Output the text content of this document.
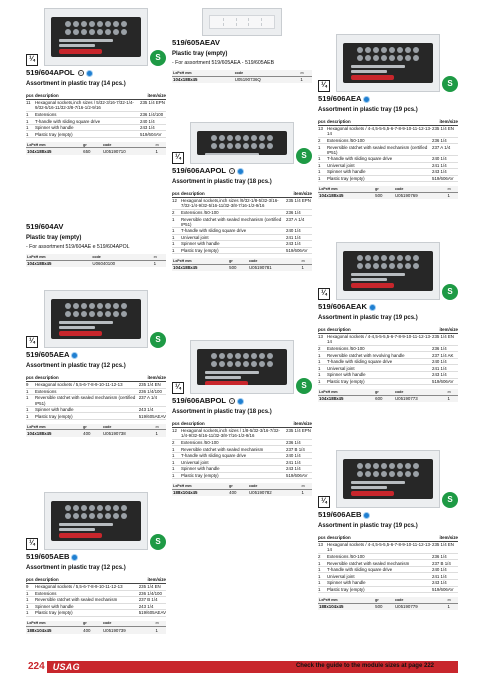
¼	S
519/604APOL	○
Assortment in plastic tray (14 pcs.)
pcs	description	item/size
11	Hexagonal sockets,inch sizes / 5/32-3/16-7/32-1/4-9/32-5/16-11/32-3/8-7/16-1/2-9/16	235 1/4 EPN
1	Extensions	236 1/4/100
1	T-handle with sliding square drive	240 1/4
1	Spinner with handle	243 1/4
1	Plastic tray (empty)	519/604AV
LxPxH mm	gr	code	▭
104x188x45	650	U05190710	1
519/604AV
Plastic tray (empty)
- For assortment 519/604AE e 519/604APOL
LxPxH mm	code	▭
104x188x45	U06040100	1
¼	S
519/605AEA
Assortment in plastic tray (12 pcs.)
pcs	description	item/size
9	Hexagonal sockets / 5,5-6-7-8-9-10-11-12-13	235 1/4 EN
1	Extensions	236 1/4/100
1	Reversible ratchet with sealed mechanism (certified IP51)	237 A 1/4
1	Spinner with handle	243 1/4
1	Plastic tray (empty)	519/605AEAV
LxPxH mm	gr	code	▭
104x188x45	400	U05190738	1
¼	S
519/605AEB
Assortment in plastic tray (12 pcs.)
pcs	description	item/size
9	Hexagonal sockets / 5,5-6-7-8-9-10-11-12-13	235 1/4 EN
1	Extensions	236 1/4/100
1	Reversible ratchet with sealed mechanism	237 B 1/4
1	Spinner with handle	243 1/4
1	Plastic tray (empty)	519/605AEAV
LxPxH mm	gr	code	▭
188x104x45	400	U05190739	1
519/605AEAV
Plastic tray (empty)
- For assortment 519/605AEA - 519/605AEB
LxPxH mm	code	▭
104x188x45	U05190736Q	1
¼	S
519/606AAPOL	○
Assortment in plastic tray (18 pcs.)
pcs	description	item/size
12	Hexagonal sockets,inch sizes /9/32-1/8-5/32-3/16-7/32-1/4-9/32-5/16-11/32-3/8-7/16-1/2-9/16	235 1/4 EPN
2	Extensions /50-100	236 1/4
1	Reversible ratchet with sealed mechanism (certified IP51)	237 A 1/4
1	T-handle with sliding square drive	240 1/4
1	Universal joint	241 1/4
1	Spinner with handle	243 1/4
1	Plastic tray (empty)	519/606AV
LxPxH mm	gr	code	▭
104x188x45	500	U05190781	1
¼	S
519/606ABPOL	○
Assortment in plastic tray (18 pcs.)
pcs	description	item/size
12	Hexagonal sockets,inch sizes / 1/8-5/32-3/16-7/32-1/4-9/32-5/16-11/32-3/8-7/16-1/2-9/16	235 1/4 EPN
2	Extensions /50-100	236 1/4
1	Reversible ratchet with sealed mechanism	237 B 1/4
1	T-handle with sliding square drive	240 1/4
1	Universal joint	241 1/4
1	Spinner with handle	243 1/4
1	Plastic tray (empty)	519/606AV
LxPxH mm	gr	code	▭
188x104x45	400	U05190782	1
¼	S
519/606AEA
Assortment in plastic tray (19 pcs.)
pcs	description	item/size
13	Hexagonal sockets / 4-4,5-5-5,5-6-7-8-9-10-11-12-13-14	235 1/4 EN
2	Extensions /50-100	236 1/4
1	Reversible ratchet with sealed mechanism (certified IP51)	237 A 1/4
1	T-handle with sliding square drive	240 1/4
1	Universal joint	241 1/4
1	Spinner with handle	243 1/4
1	Plastic tray (empty)	519/606AV
LxPxH mm	gr	code	▭
104x188x45	500	U05190769	1
¼	S
519/606AEAK
Assortment in plastic tray (19 pcs.)
pcs	description	item/size
13	Hexagonal sockets / 4-4,5-5-5,5-6-7-8-9-10-11-12-13-14	235 1/4 EN
2	Extensions /50-100	236 1/4
1	Reversible ratchet with revolving handle	237 1/4 AK
1	T-handle with sliding square drive	240 1/4
1	Universal joint	241 1/4
1	Spinner with handle	243 1/4
1	Plastic tray (empty)	519/606AV
LxPxH mm	gr	code	▭
104x188x45	600	U05190773	1
¼	S
519/606AEB
Assortment in plastic tray (19 pcs.)
pcs	description	item/size
13	Hexagonal sockets / 4-4,5-5-5,5-6-7-8-9-10-11-12-13-14	235 1/4 EN
2	Extensions /50-100	236 1/4
1	Reversible ratchet with sealed mechanism	237 B 1/4
1	T-handle with sliding square drive	240 1/4
1	Universal joint	241 1/4
1	Spinner with handle	243 1/4
1	Plastic tray (empty)	519/606AV
LxPxH mm	gr	code	▭
188x104x45	500	U05190779	1
224 USAG	Check the guide to the module sizes at page 222
